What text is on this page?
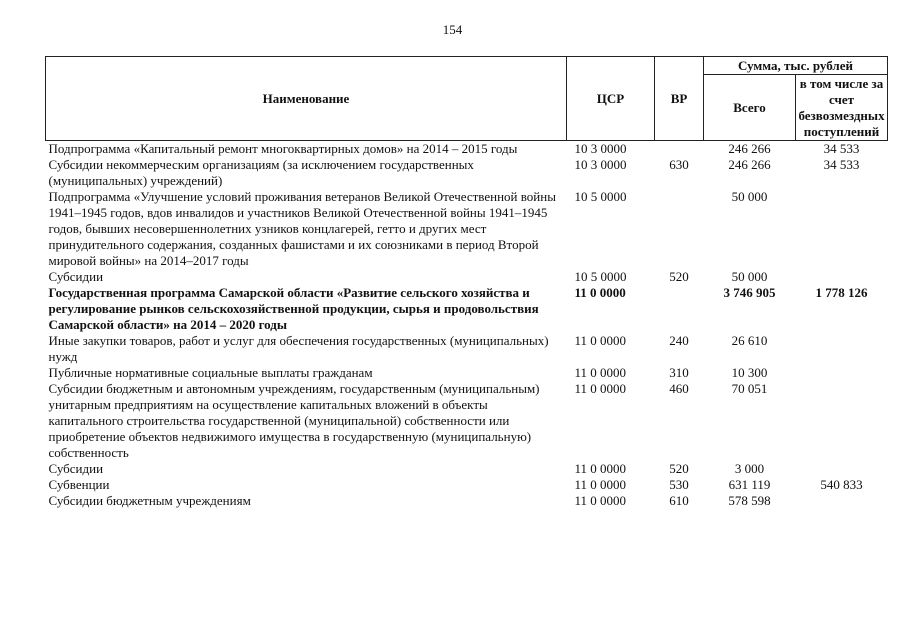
154
Наименование	ЦСР	ВР	Сумма, тыс. рублей	
			Всего	в том числе за счет безвозмездных поступлений
Подпрограмма «Капитальный ремонт многоквартирных домов» на 2014 – 2015 годы	10 3 0000		246 266	34 533
Субсидии некоммерческим организациям (за исключением государственных (муниципальных) учреждений)	10 3 0000	630	246 266	34 533
Подпрограмма «Улучшение условий проживания ветеранов Великой Отечественной войны 1941–1945 годов, вдов инвалидов и участников Великой Отечественной войны 1941–1945 годов, бывших несовершеннолетних узников концлагерей, гетто и других мест принудительного содержания, созданных фашистами и их союзниками в период Второй мировой войны» на 2014–2017 годы	10 5 0000		50 000	
Субсидии	10 5 0000	520	50 000	
Государственная программа Самарской области «Развитие сельского хозяйства и регулирование рынков сельскохозяйственной продукции, сырья и продовольствия Самарской области» на 2014 – 2020 годы	11 0 0000		3 746 905	1 778 126
Иные закупки товаров, работ и услуг для обеспечения государственных (муниципальных) нужд	11 0 0000	240	26 610	
Публичные нормативные социальные выплаты гражданам	11 0 0000	310	10 300	
Субсидии бюджетным и автономным учреждениям, государственным (муниципальным) унитарным предприятиям на осуществление капитальных вложений в объекты капитального строительства государственной (муниципальной) собственности или приобретение объектов недвижимого имущества в государственную (муниципальную) собственность	11 0 0000	460	70 051	
Субсидии	11 0 0000	520	3 000	
Субвенции	11 0 0000	530	631 119	540 833
Субсидии бюджетным учреждениям	11 0 0000	610	578 598	
